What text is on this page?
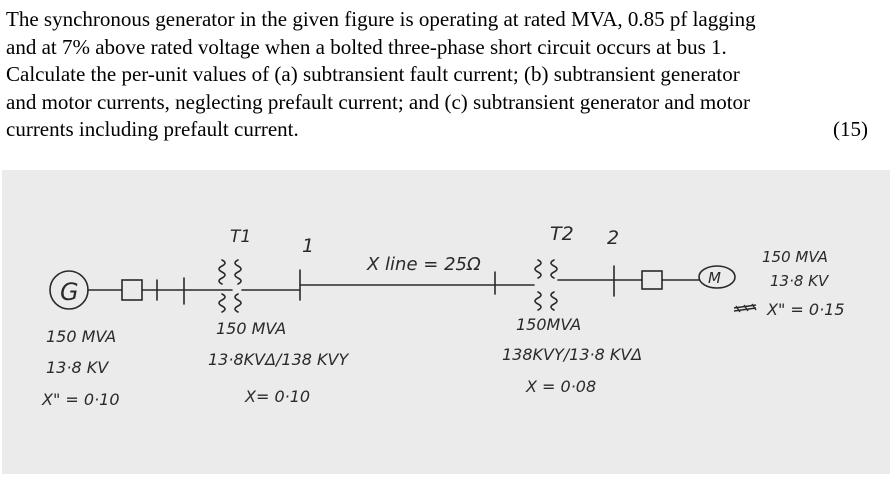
The synchronous generator in the given figure is operating at rated MVA, 0.85 pf lagging
and at 7% above rated voltage when a bolted three-phase short circuit occurs at bus 1.
Calculate the per-unit values of (a) subtransient fault current; (b) subtransient generator
and motor currents, neglecting prefault current; and (c) subtransient generator and motor
currents including prefault current.	(15)
G	M
T1	1
X line = 25Ω
T2 2
150 MVA
13·8 KV
X" = 0·10
150 MVA
13·8KVΔ/138 KVY
X= 0·10
150MVA
138KVY/13·8 KVΔ
X = 0·08
150 MVA
13·8 KV
X" = 0·15
